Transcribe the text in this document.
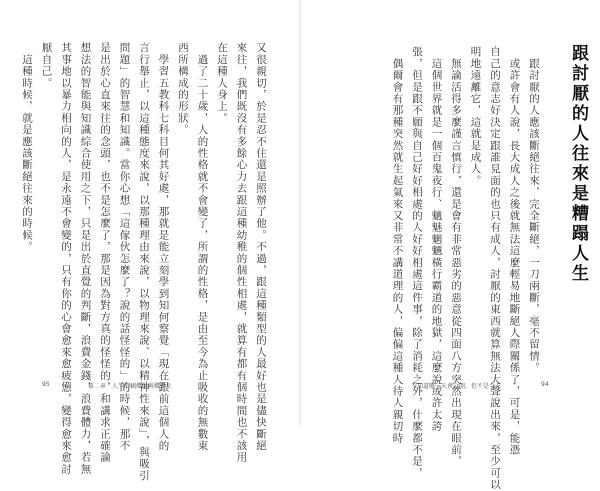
又很親切，於是忍不住還是照辦了他。不過，跟這種類型的人最好也是儘快斷絕
來往，我們既沒有多餘心力去跟這種幼稚的個性相處，就算有都有個時間也不該用
在這種人身上。
　過了二十歲，人的性格就不會變了，所謂的性格，是由至今為止吸收的無數東
西所構成的形狀。
　學習五教科七科目何其好處，那就是能立刻學到知何察覺「現在跟前這個人的
言行舉止，以這種態度來說，以那種理由來說，以物理來說、以精神性來說」，與吸引
問題」的智慧和知識。當你心想「這傢伙怎麼了？說的話怪怪的」的時候，那不
是出於心直來往的念頭，也不是怎麼了，那是因為對方真的怪怪的，和講求正確論
想法的智能與知識綜合使用之下，只是出於直覺的判斷，浪費金錢，浪費體力，若無
其事地以暴力相向的人，是永遠不會變的，只有你的心會愈來愈疲憊，變得愈來愈討
厭自己。
　這種時候，就是應該斷絕往來的時候。
95	第二章　人生的蝴蝶生與蝶學生
跟討厭的人往來是糟蹋人生
　跟討厭的人應該斷絕往來，完全斷絕，一刀兩斷，毫不留情。
　或許會有人說，長大成人之後就無法這麼輕易地斷絕人際關係了，可是，能憑
自己的意志好決定跟誰見面的也只有成人，討厭的東西就算無法大聲說出來，至少可以
明地遠離它，這就是成人。
　無論活得多麼謹言慎行，還是會有非常惡劣的惡意從四面八方突然出現在眼前，
　這個世界就是一個百鬼夜行、魑魅魍魎橫行霸道的地獄，這麼說或許太誇
張，但是跟不願與自己好好相處的人好好相處這件事，除了消耗之外，什麼都不是，
　偶爾會有那種突然就生起氣來又非常不講道理的人，偏偏這種人待人親切時	不知道哪一天會分開，但不是今天	94
